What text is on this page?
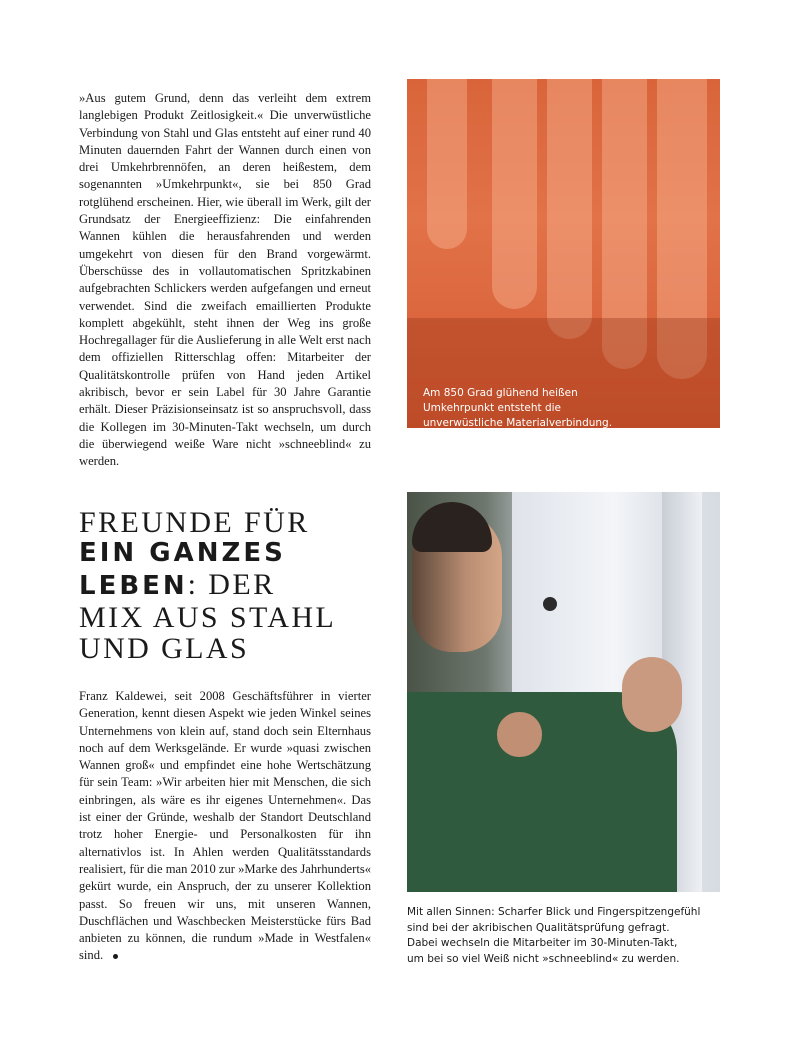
»Aus gutem Grund, denn das verleiht dem extrem langlebigen Produkt Zeitlosigkeit.« Die unverwüstliche Verbindung von Stahl und Glas entsteht auf einer rund 40 Minuten dauernden Fahrt der Wannen durch einen von drei Umkehrbrennöfen, an deren heißestem, dem sogenannten »Umkehrpunkt«, sie bei 850 Grad rotglühend erscheinen. Hier, wie überall im Werk, gilt der Grundsatz der Energieeffizienz: Die einfahrenden Wannen kühlen die herausfahrenden und werden umgekehrt von diesen für den Brand vorgewärmt. Überschüsse des in vollautomatischen Spritzkabinen aufgebrachten Schlickers werden aufgefangen und erneut verwendet. Sind die zweifach emaillierten Produkte komplett abgekühlt, steht ihnen der Weg ins große Hochregallager für die Auslieferung in alle Welt erst nach dem offiziellen Ritterschlag offen: Mitarbeiter der Qualitätskontrolle prüfen von Hand jeden Artikel akribisch, bevor er sein Label für 30 Jahre Garantie erhält. Dieser Präzisionseinsatz ist so anspruchsvoll, dass die Kollegen im 30-Minuten-Takt wechseln, um durch die überwiegend weiße Ware nicht »schneeblind« zu werden.

FREUNDE FÜR
EIN GANZES
LEBEN: DER
MIX AUS STAHL
UND GLAS

Franz Kaldewei, seit 2008 Geschäftsführer in vierter Generation, kennt diesen Aspekt wie jeden Winkel seines Unternehmens von klein auf, stand doch sein Elternhaus noch auf dem Werksgelände. Er wurde »quasi zwischen Wannen groß« und empfindet eine hohe Wertschätzung für sein Team: »Wir arbeiten hier mit Menschen, die sich einbringen, als wäre es ihr eigenes Unternehmen«. Das ist einer der Gründe, weshalb der Standort Deutschland trotz hoher Energie- und Personalkosten für ihn alternativlos ist. In Ahlen werden Qualitätsstandards realisiert, für die man 2010 zur »Marke des Jahrhunderts« gekürt wurde, ein Anspruch, der zu unserer Kollektion passt. So freuen wir uns, mit unseren Wannen, Duschflächen und Waschbecken Meisterstücke fürs Bad anbieten zu können, die rundum »Made in Westfalen« sind.

Am 850 Grad glühend heißen Umkehrpunkt entsteht die unverwüstliche Materialverbindung.
Mit allen Sinnen: Scharfer Blick und Fingerspitzengefühl
sind bei der akribischen Qualitätsprüfung gefragt.
Dabei wechseln die Mitarbeiter im 30-Minuten-Takt,
um bei so viel Weiß nicht »schneeblind« zu werden.
